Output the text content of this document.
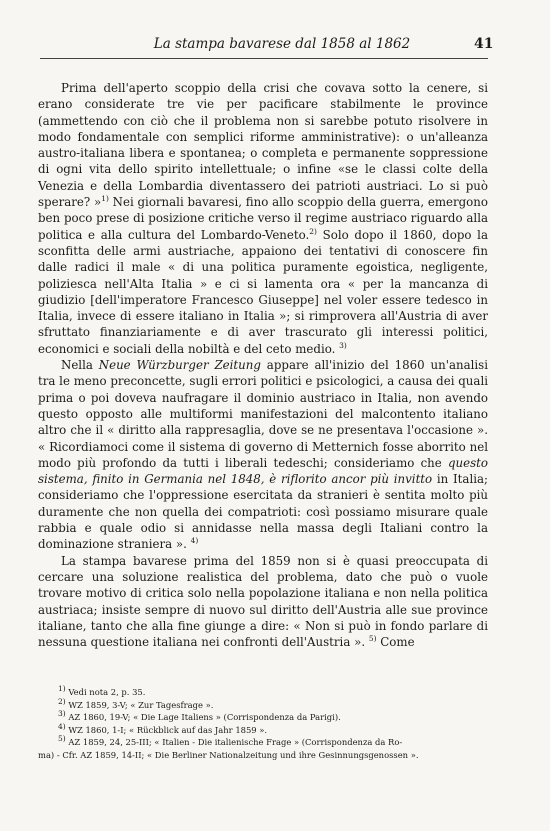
La stampa bavarese dal 1858 al 1862	41

Prima dell'aperto scoppio della crisi che covava sotto la cenere, si erano considerate tre vie per pacificare stabilmente le province (ammettendo con ciò che il problema non si sarebbe potuto risolvere in modo fondamentale con semplici riforme amministrative): o un'alleanza austro-italiana libera e spontanea; o completa e permanente soppressione di ogni vita dello spirito intellettuale; o infine «se le classi colte della Venezia e della Lombardia diventassero dei patrioti austriaci. Lo si può sperare? »$^{1)}$ Nei giornali bavaresi, fino allo scoppio della guerra, emergono ben poco prese di posizione critiche verso il regime austriaco riguardo alla politica e alla cultura del Lombardo-Veneto.$^{2)}$ Solo dopo il 1860, dopo la sconfitta delle armi austriache, appaiono dei tentativi di conoscere fin dalle radici il male « di una politica puramente egoistica, negligente, poliziesca nell'Alta Italia » e ci si lamenta ora « per la mancanza di giudizio [dell'imperatore Francesco Giuseppe] nel voler essere tedesco in Italia, invece di essere italiano in Italia »; si rimprovera all'Austria di aver sfruttato finanziariamente e di aver trascurato gli interessi politici, economici e sociali della nobiltà e del ceto medio. $^{3)}$

Nella Neue Würzburger Zeitung appare all'inizio del 1860 un'analisi tra le meno preconcette, sugli errori politici e psicologici, a causa dei quali prima o poi doveva naufragare il dominio austriaco in Italia, non avendo questo opposto alle multiformi manifestazioni del malcontento italiano altro che il « diritto alla rappresaglia, dove se ne presentava l'occasione ». « Ricordiamoci come il sistema di governo di Metternich fosse aborrito nel modo più profondo da tutti i liberali tedeschi; consideriamo che questo sistema, finito in Germania nel 1848, è riflorito ancor più invitto in Italia; consideriamo che l'oppressione esercitata da stranieri è sentita molto più duramente che non quella dei compatrioti: così possiamo misurare quale rabbia e quale odio si annidasse nella massa degli Italiani contro la dominazione straniera ». $^{4)}$

La stampa bavarese prima del 1859 non si è quasi preoccupata di cercare una soluzione realistica del problema, dato che può o vuole trovare motivo di critica solo nella popolazione italiana e non nella politica austriaca; insiste sempre di nuovo sul diritto dell'Austria alle sue province italiane, tanto che alla fine giunge a dire: « Non si può in fondo parlare di nessuna questione italiana nei confronti dell'Austria ». $^{5)}$ Come

$^{1)}$ Vedi nota 2, p. 35.

$^{2)}$ WZ 1859, 3-V; « Zur Tagesfrage ».

$^{3)}$ AZ 1860, 19-V; « Die Lage Italiens » (Corrispondenza da Parigi).

$^{4)}$ WZ 1860, 1-I; « Rückblick auf das Jahr 1859 ».

$^{5)}$ AZ 1859, 24, 25-III; « Italien - Die italienische Frage » (Corrispondenza da Ro-

ma) - Cfr. AZ 1859, 14-II; « Die Berliner Nationalzeitung und ihre Gesinnungsgenossen ».
